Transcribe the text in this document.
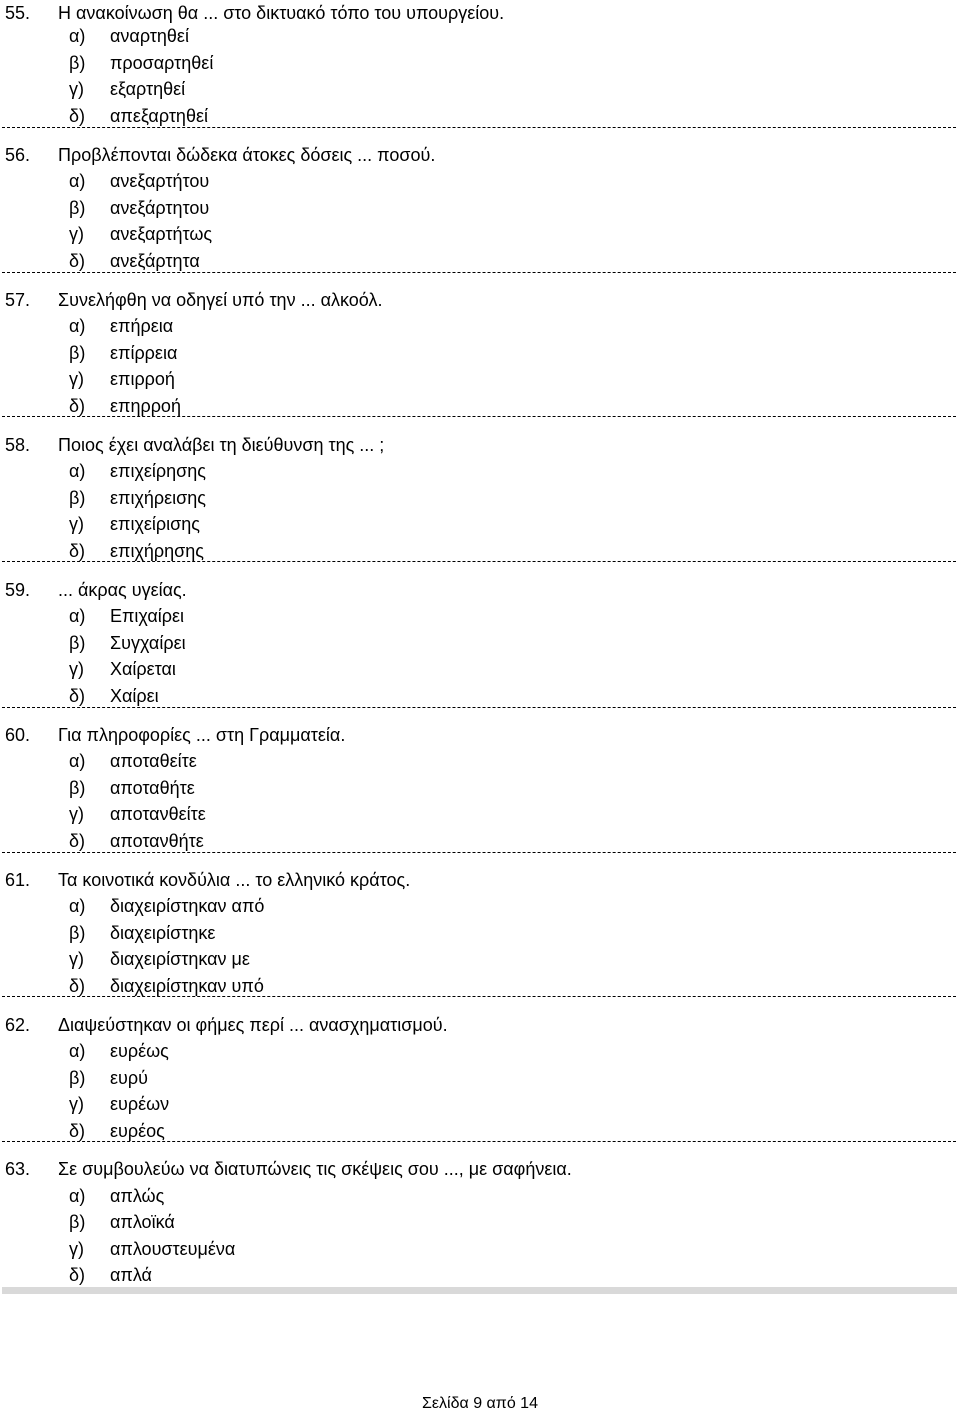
55. Η ανακοίνωση θα ... στο δικτυακό τόπο του υπουργείου.
α) αναρτηθεί
β) προσαρτηθεί
γ) εξαρτηθεί
δ) απεξαρτηθεί
56. Προβλέπονται δώδεκα άτοκες δόσεις ... ποσού.
α) ανεξαρτήτου
β) ανεξάρτητου
γ) ανεξαρτήτως
δ) ανεξάρτητα
57. Συνελήφθη να οδηγεί υπό την ... αλκοόλ.
α) επήρεια
β) επίρρεια
γ) επιρροή
δ) επηρροή
58. Ποιος έχει αναλάβει τη διεύθυνση της ... ;
α) επιχείρησης
β) επιχήρεισης
γ) επιχείρισης
δ) επιχήρησης
59. ... άκρας υγείας.
α) Επιχαίρει
β) Συγχαίρει
γ) Χαίρεται
δ) Χαίρει
60. Για πληροφορίες ... στη Γραμματεία.
α) αποταθείτε
β) αποταθήτε
γ) αποτανθείτε
δ) αποτανθήτε
61. Τα κοινοτικά κονδύλια ... το ελληνικό κράτος.
α) διαχειρίστηκαν από
β) διαχειρίστηκε
γ) διαχειρίστηκαν με
δ) διαχειρίστηκαν υπό
62. Διαψεύστηκαν οι φήμες περί ... ανασχηματισμού.
α) ευρέως
β) ευρύ
γ) ευρέων
δ) ευρέος
63. Σε συμβουλεύω να διατυπώνεις τις σκέψεις σου ..., με σαφήνεια.
α) απλώς
β) απλοϊκά
γ) απλουστευμένα
δ) απλά
Σελίδα 9 από 14
